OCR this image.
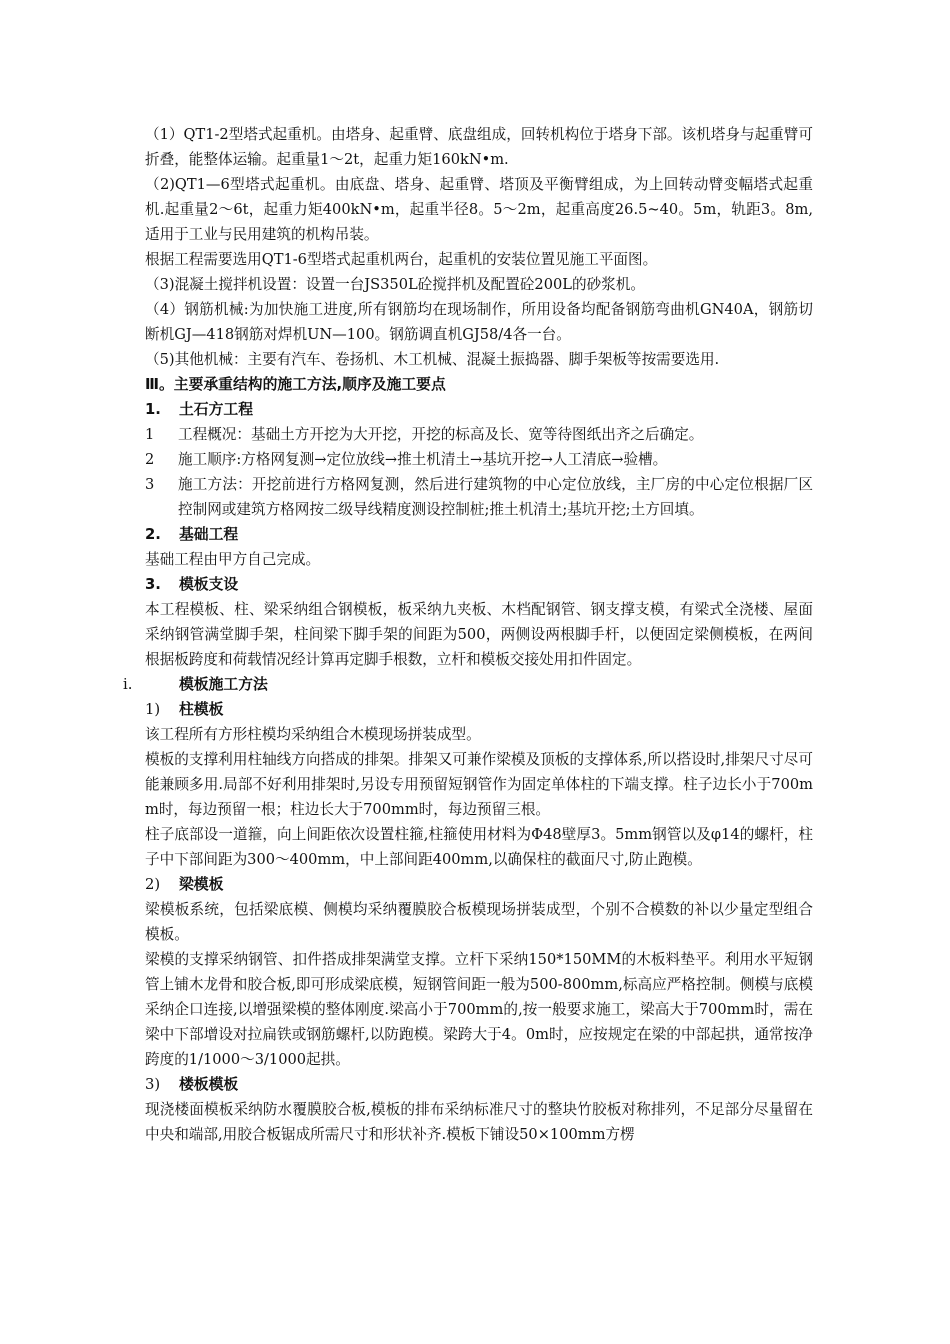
（1）QT1-2型塔式起重机。由塔身、起重臂、底盘组成，回转机构位于塔身下部。该机塔身与起重臂可折叠，能整体运输。起重量1～2t，起重力矩160kN•m.

（2)QT1—6型塔式起重机。由底盘、塔身、起重臂、塔顶及平衡臂组成，为上回转动臂变幅塔式起重机.起重量2～6t，起重力矩400kN•m，起重半径8。5～2m，起重高度26.5~40。5m，轨距3。8m,适用于工业与民用建筑的机构吊装。

根据工程需要选用QT1-6型塔式起重机两台，起重机的安装位置见施工平面图。

（3)混凝土搅拌机设置：设置一台JS350L砼搅拌机及配置砼200L的砂浆机。

（4）钢筋机械:为加快施工进度,所有钢筋均在现场制作，所用设备均配备钢筋弯曲机GN40A，钢筋切断机GJ—418钢筋对焊机UN—100。钢筋调直机GJ58/4各一台。

（5)其他机械：主要有汽车、卷扬机、木工机械、混凝土振捣器、脚手架板等按需要选用.

Ⅲ。主要承重结构的施工方法,顺序及施工要点

1. 土石方工程

1	工程概况：基础土方开挖为大开挖，开挖的标高及长、宽等待图纸出齐之后确定。
2	施工顺序:方格网复测→定位放线→推土机清土→基坑开挖→人工清底→验槽。
3	施工方法：开挖前进行方格网复测，然后进行建筑物的中心定位放线，主厂房的中心定位根据厂区控制网或建筑方格网按二级导线精度测设控制桩;推土机清土;基坑开挖;土方回填。

2. 基础工程

基础工程由甲方自己完成。

3. 模板支设

本工程模板、柱、梁采纳组合钢模板，板采纳九夹板、木档配钢管、钢支撑支模，有梁式全浇楼、屋面采纳钢管满堂脚手架，柱间梁下脚手架的间距为500，两侧设两根脚手杆，以便固定梁侧模板，在两间根据板跨度和荷载情况经计算再定脚手根数，立杆和模板交接处用扣件固定。

i.	模板施工方法
1) 柱模板

该工程所有方形柱模均采纳组合木模现场拼装成型。

模板的支撑利用柱轴线方向搭成的排架。排架又可兼作梁模及顶板的支撑体系,所以搭设时,排架尺寸尽可能兼顾多用.局部不好利用排架时,另设专用预留短钢管作为固定单体柱的下端支撑。柱子边长小于700mm时，每边预留一根；柱边长大于700mm时，每边预留三根。

柱子底部设一道箍，向上间距依次设置柱箍,柱箍使用材料为Φ48壁厚3。5mm钢管以及φ14的螺杆，柱子中下部间距为300～400mm，中上部间距400mm,以确保柱的截面尺寸,防止跑模。

2) 梁模板

梁模板系统，包括梁底模、侧模均采纳覆膜胶合板模现场拼装成型，个别不合模数的补以少量定型组合模板。

梁模的支撑采纳钢管、扣件搭成排架满堂支撑。立杆下采纳150*150MM的木板料垫平。利用水平短钢管上铺木龙骨和胶合板,即可形成梁底模，短钢管间距一般为500-800mm,标高应严格控制。侧模与底模采纳企口连接,以增强梁模的整体刚度.梁高小于700mm的,按一般要求施工，梁高大于700mm时，需在梁中下部增设对拉扁铁或钢筋螺杆,以防跑模。梁跨大于4。0m时，应按规定在梁的中部起拱，通常按净跨度的1/1000～3/1000起拱。

3) 楼板模板

现浇楼面模板采纳防水覆膜胶合板,模板的排布采纳标准尺寸的整块竹胶板对称排列，不足部分尽量留在中央和端部,用胶合板锯成所需尺寸和形状补齐.模板下铺设50×100mm方楞
